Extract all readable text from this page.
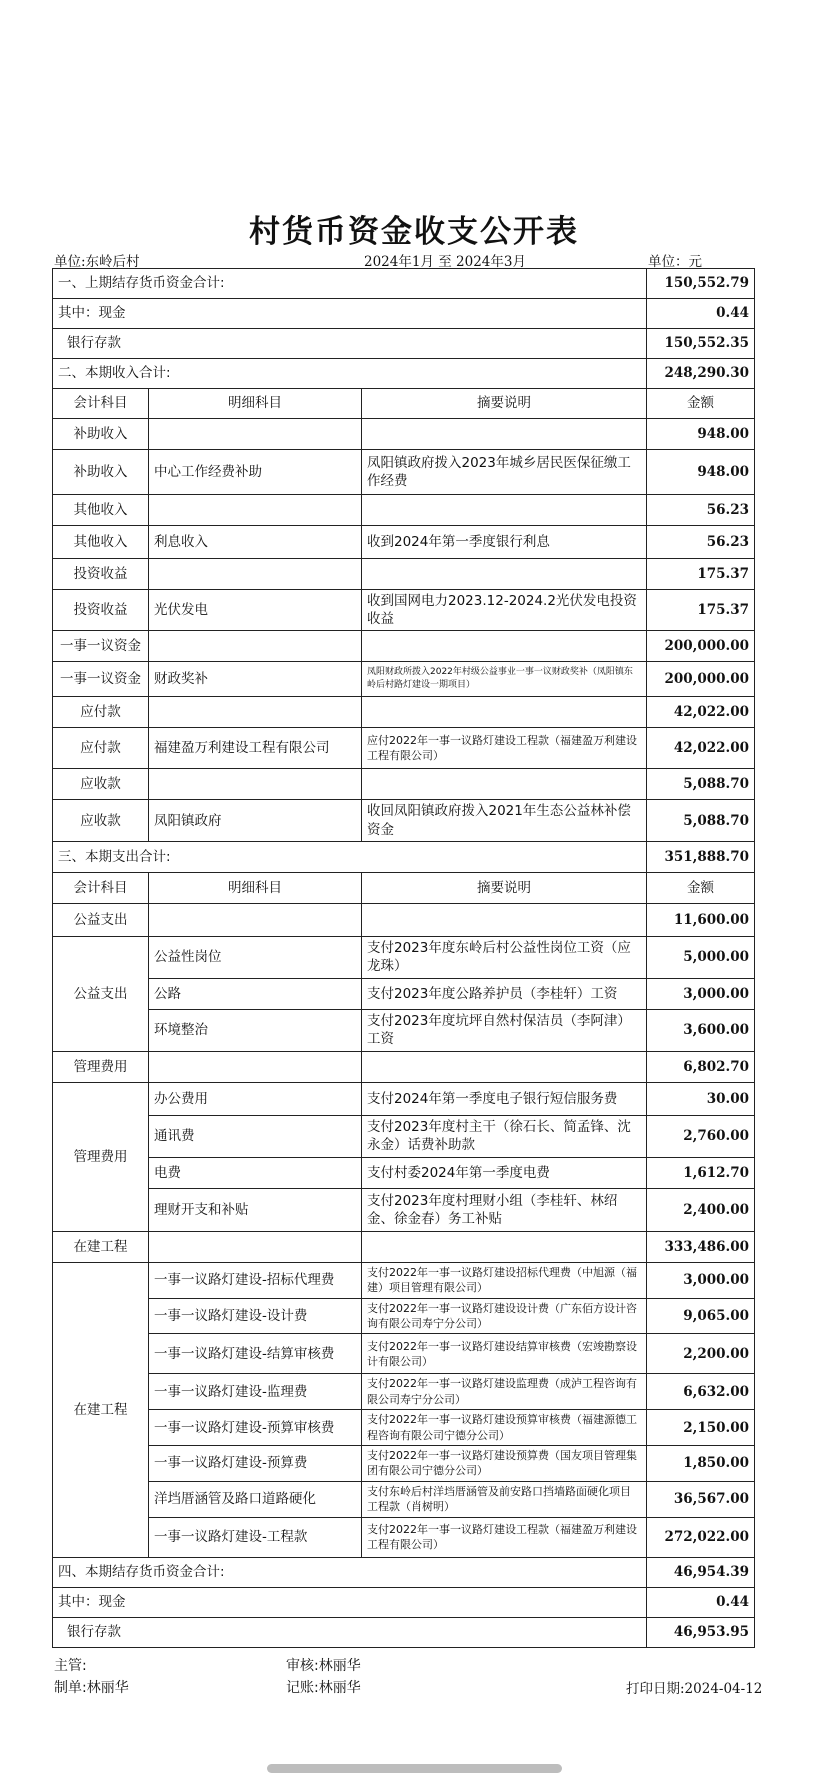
村货币资金收支公开表
单位:东岭后村	2024年1月 至 2024年3月	单位：元
一、上期结存货币资金合计:			150,552.79
其中：现金			0.44
银行存款			150,552.35
二、本期收入合计:			248,290.30
会计科目	明细科目	摘要说明	金额
补助收入			948.00
补助收入	中心工作经费补助	凤阳镇政府拨入2023年城乡居民医保征缴工作经费	948.00
其他收入			56.23
其他收入	利息收入	收到2024年第一季度银行利息	56.23
投资收益			175.37
投资收益	光伏发电	收到国网电力2023.12-2024.2光伏发电投资收益	175.37
一事一议资金			200,000.00
一事一议资金	财政奖补	凤阳财政所拨入2022年村级公益事业一事一议财政奖补（凤阳镇东岭后村路灯建设一期项目）	200,000.00
应付款			42,022.00
应付款	福建盈万利建设工程有限公司	应付2022年一事一议路灯建设工程款（福建盈万利建设工程有限公司）	42,022.00
应收款			5,088.70
应收款	凤阳镇政府	收回凤阳镇政府拨入2021年生态公益林补偿资金	5,088.70
三、本期支出合计:			351,888.70
会计科目	明细科目	摘要说明	金额
公益支出			11,600.00
公益支出	公益性岗位	支付2023年度东岭后村公益性岗位工资（应龙珠）	5,000.00
	公路	支付2023年度公路养护员（李桂轩）工资	3,000.00
	环境整治	支付2023年度坑坪自然村保洁员（李阿津）工资	3,600.00
管理费用			6,802.70
管理费用	办公费用	支付2024年第一季度电子银行短信服务费	30.00
	通讯费	支付2023年度村主干（徐石长、简孟锋、沈永金）话费补助款	2,760.00
	电费	支付村委2024年第一季度电费	1,612.70
	理财开支和补贴	支付2023年度村理财小组（李桂轩、林绍金、徐金春）务工补贴	2,400.00
在建工程			333,486.00
在建工程	一事一议路灯建设-招标代理费	支付2022年一事一议路灯建设招标代理费（中旭源（福建）项目管理有限公司）	3,000.00
	一事一议路灯建设-设计费	支付2022年一事一议路灯建设设计费（广东佰方设计咨询有限公司寿宁分公司）	9,065.00
	一事一议路灯建设-结算审核费	支付2022年一事一议路灯建设结算审核费（宏竣勘察设计有限公司）	2,200.00
	一事一议路灯建设-监理费	支付2022年一事一议路灯建设监理费（成泸工程咨询有限公司寿宁分公司）	6,632.00
	一事一议路灯建设-预算审核费	支付2022年一事一议路灯建设预算审核费（福建源德工程咨询有限公司宁德分公司）	2,150.00
	一事一议路灯建设-预算费	支付2022年一事一议路灯建设预算费（国友项目管理集团有限公司宁德分公司）	1,850.00
	洋垱厝涵管及路口道路硬化	支付东岭后村洋垱厝涵管及前安路口挡墙路面硬化项目工程款（肖树明）	36,567.00
	一事一议路灯建设-工程款	支付2022年一事一议路灯建设工程款（福建盈万利建设工程有限公司）	272,022.00
四、本期结存货币资金合计:			46,954.39
其中：现金			0.44
银行存款			46,953.95
主管:	审核:林丽华
制单:林丽华	记账:林丽华	打印日期:2024-04-12
